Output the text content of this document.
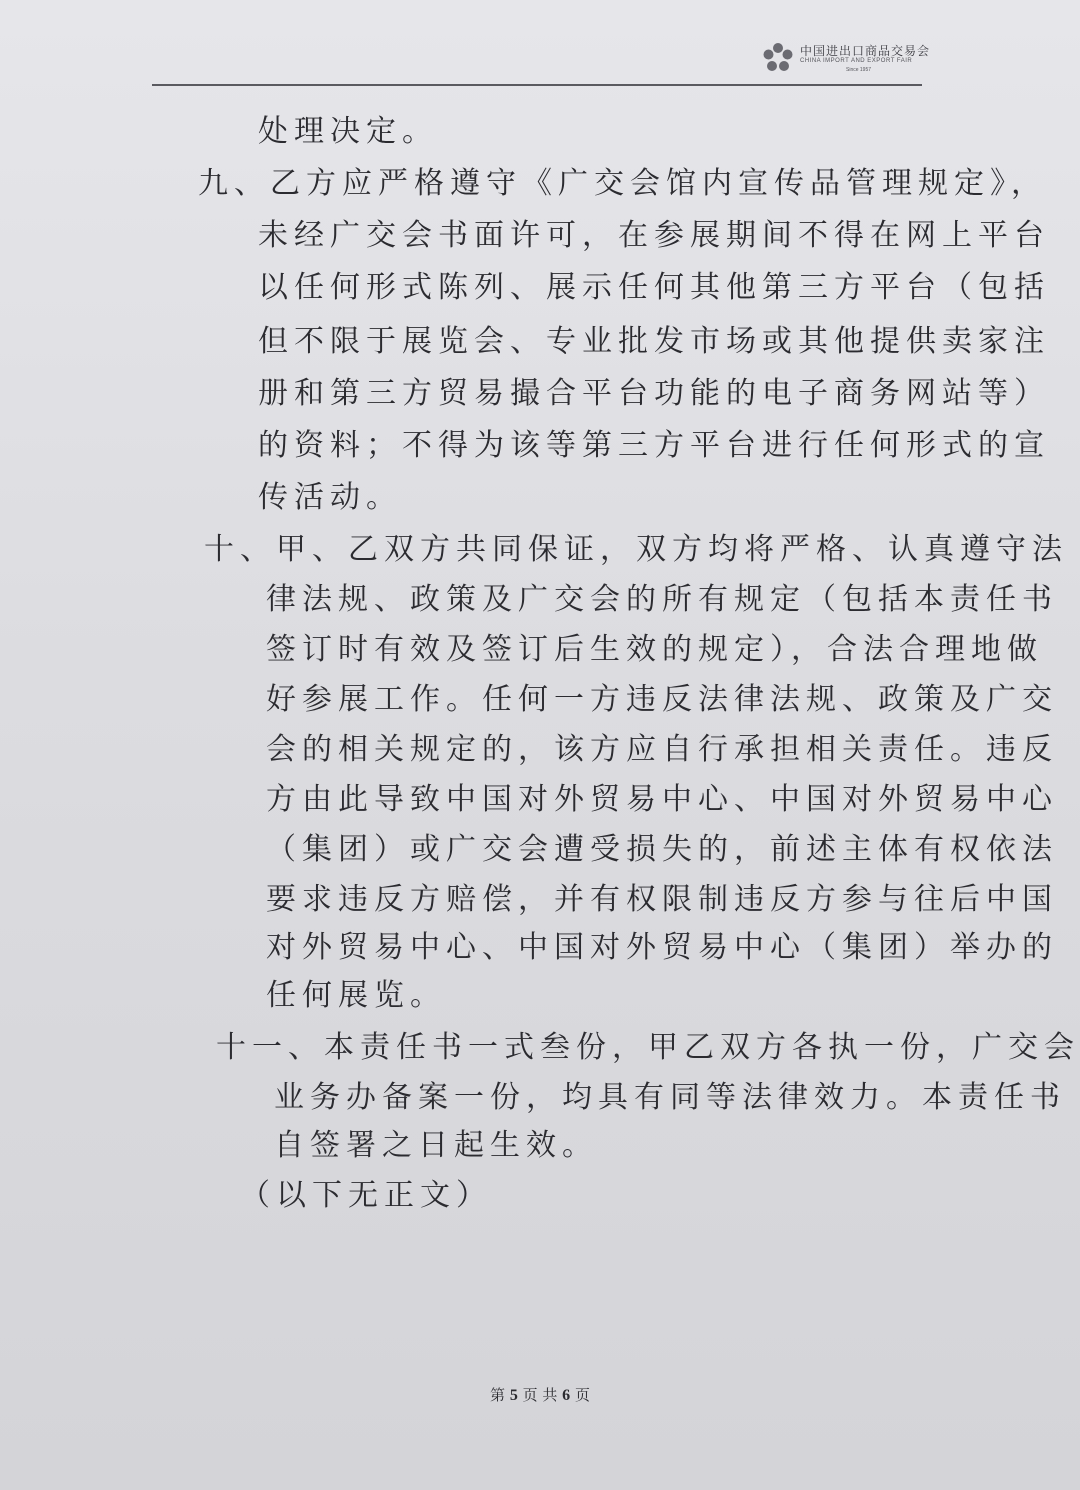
中国进出口商品交易会
CHINA IMPORT AND EXPORT FAIR
Since 1957
处理决定。
九、乙方应严格遵守《广交会馆内宣传品管理规定》，
未经广交会书面许可，在参展期间不得在网上平台
以任何形式陈列、展示任何其他第三方平台（包括
但不限于展览会、专业批发市场或其他提供卖家注
册和第三方贸易撮合平台功能的电子商务网站等）
的资料；不得为该等第三方平台进行任何形式的宣
传活动。
十、甲、乙双方共同保证，双方均将严格、认真遵守法
律法规、政策及广交会的所有规定（包括本责任书
签订时有效及签订后生效的规定），合法合理地做
好参展工作。任何一方违反法律法规、政策及广交
会的相关规定的，该方应自行承担相关责任。违反
方由此导致中国对外贸易中心、中国对外贸易中心
（集团）或广交会遭受损失的，前述主体有权依法
要求违反方赔偿，并有权限制违反方参与往后中国
对外贸易中心、中国对外贸易中心（集团）举办的
任何展览。
十一、本责任书一式叁份，甲乙双方各执一份，广交会
业务办备案一份，均具有同等法律效力。本责任书
自签署之日起生效。
（以下无正文）
第 5 页 共 6 页
